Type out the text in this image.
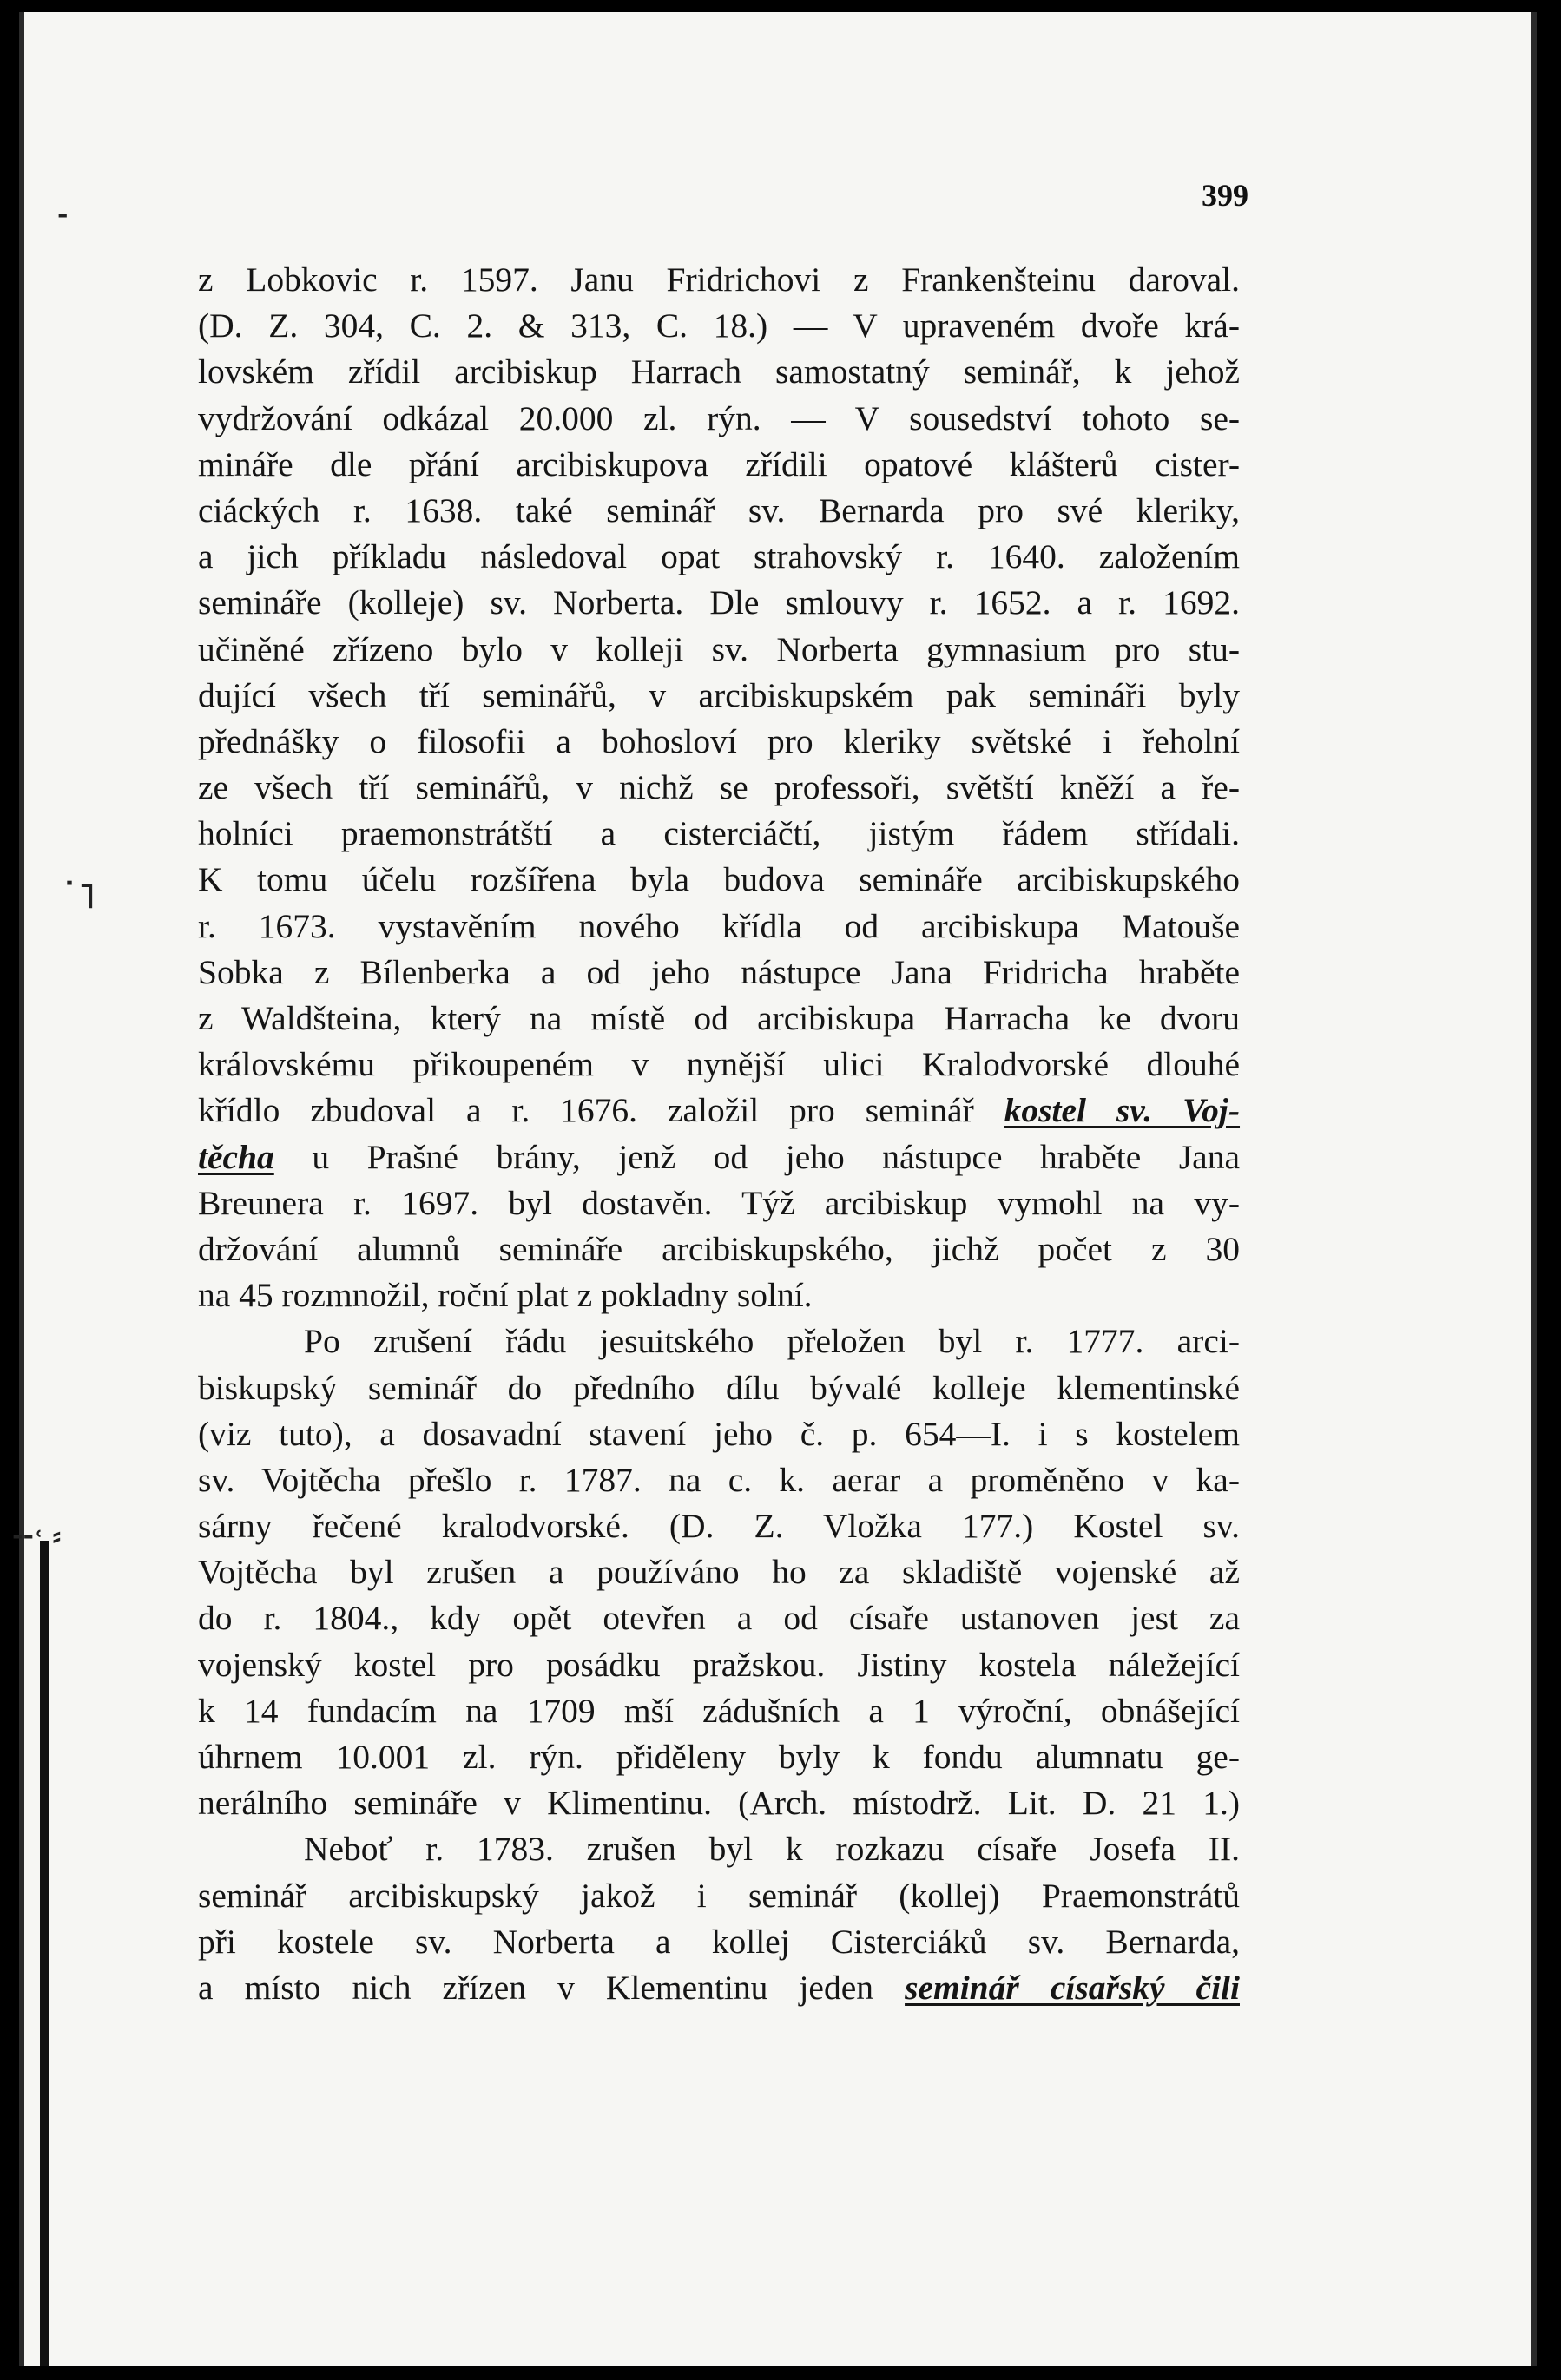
‑
˙˥
-‐˓ ⸗
399
z Lobkovic r. 1597. Janu Fridrichovi z Frankenšteinu daroval.
(D. Z. 304, C. 2. & 313, C. 18.) — V upraveném dvoře krá-
lovském zřídil arcibiskup Harrach samostatný seminář, k jehož
vydržování odkázal 20.000 zl. rýn. — V sousedství tohoto se-
mináře dle přání arcibiskupova zřídili opatové klášterů cister-
ciáckých r. 1638. také seminář sv. Bernarda pro své kleriky,
a jich příkladu následoval opat strahovský r. 1640. založením
semináře (kolleje) sv. Norberta. Dle smlouvy r. 1652. a r. 1692.
učiněné zřízeno bylo v kolleji sv. Norberta gymnasium pro stu-
dující všech tří seminářů, v arcibiskupském pak semináři byly
přednášky o filosofii a bohosloví pro kleriky světské i řeholní
ze všech tří seminářů, v nichž se professoři, světští kněží a ře-
holníci praemonstrátští a cisterciáčtí, jistým řádem střídali.
K tomu účelu rozšířena byla budova semináře arcibiskupského
r. 1673. vystavěním nového křídla od arcibiskupa Matouše
Sobka z Bílenberka a od jeho nástupce Jana Fridricha hraběte
z Waldšteina, který na místě od arcibiskupa Harracha ke dvoru
královskému přikoupeném v nynější ulici Kralodvorské dlouhé
křídlo zbudoval a r. 1676. založil pro seminář kostel sv. Voj-
těcha u Prašné brány, jenž od jeho nástupce hraběte Jana
Breunera r. 1697. byl dostavěn. Týž arcibiskup vymohl na vy-
držování alumnů semináře arcibiskupského, jichž počet z 30
na 45 rozmnožil, roční plat z pokladny solní.
Po zrušení řádu jesuitského přeložen byl r. 1777. arci-
biskupský seminář do předního dílu bývalé kolleje klementinské
(viz tuto), a dosavadní stavení jeho č. p. 654—I. i s kostelem
sv. Vojtěcha přešlo r. 1787. na c. k. aerar a proměněno v ka-
sárny řečené kralodvorské. (D. Z. Vložka 177.) Kostel sv.
Vojtěcha byl zrušen a používáno ho za skladiště vojenské až
do r. 1804., kdy opět otevřen a od císaře ustanoven jest za
vojenský kostel pro posádku pražskou. Jistiny kostela náležející
k 14 fundacím na 1709 mší zádušních a 1 výroční, obnášející
úhrnem 10.001 zl. rýn. přiděleny byly k fondu alumnatu ge-
nerálního semináře v Klimentinu. (Arch. místodrž. Lit. D. 21 1.)
Neboť r. 1783. zrušen byl k rozkazu císaře Josefa II.
seminář arcibiskupský jakož i seminář (kollej) Praemonstrátů
při kostele sv. Norberta a kollej Cisterciáků sv. Bernarda,
a místo nich zřízen v Klementinu jeden seminář císařský čili
